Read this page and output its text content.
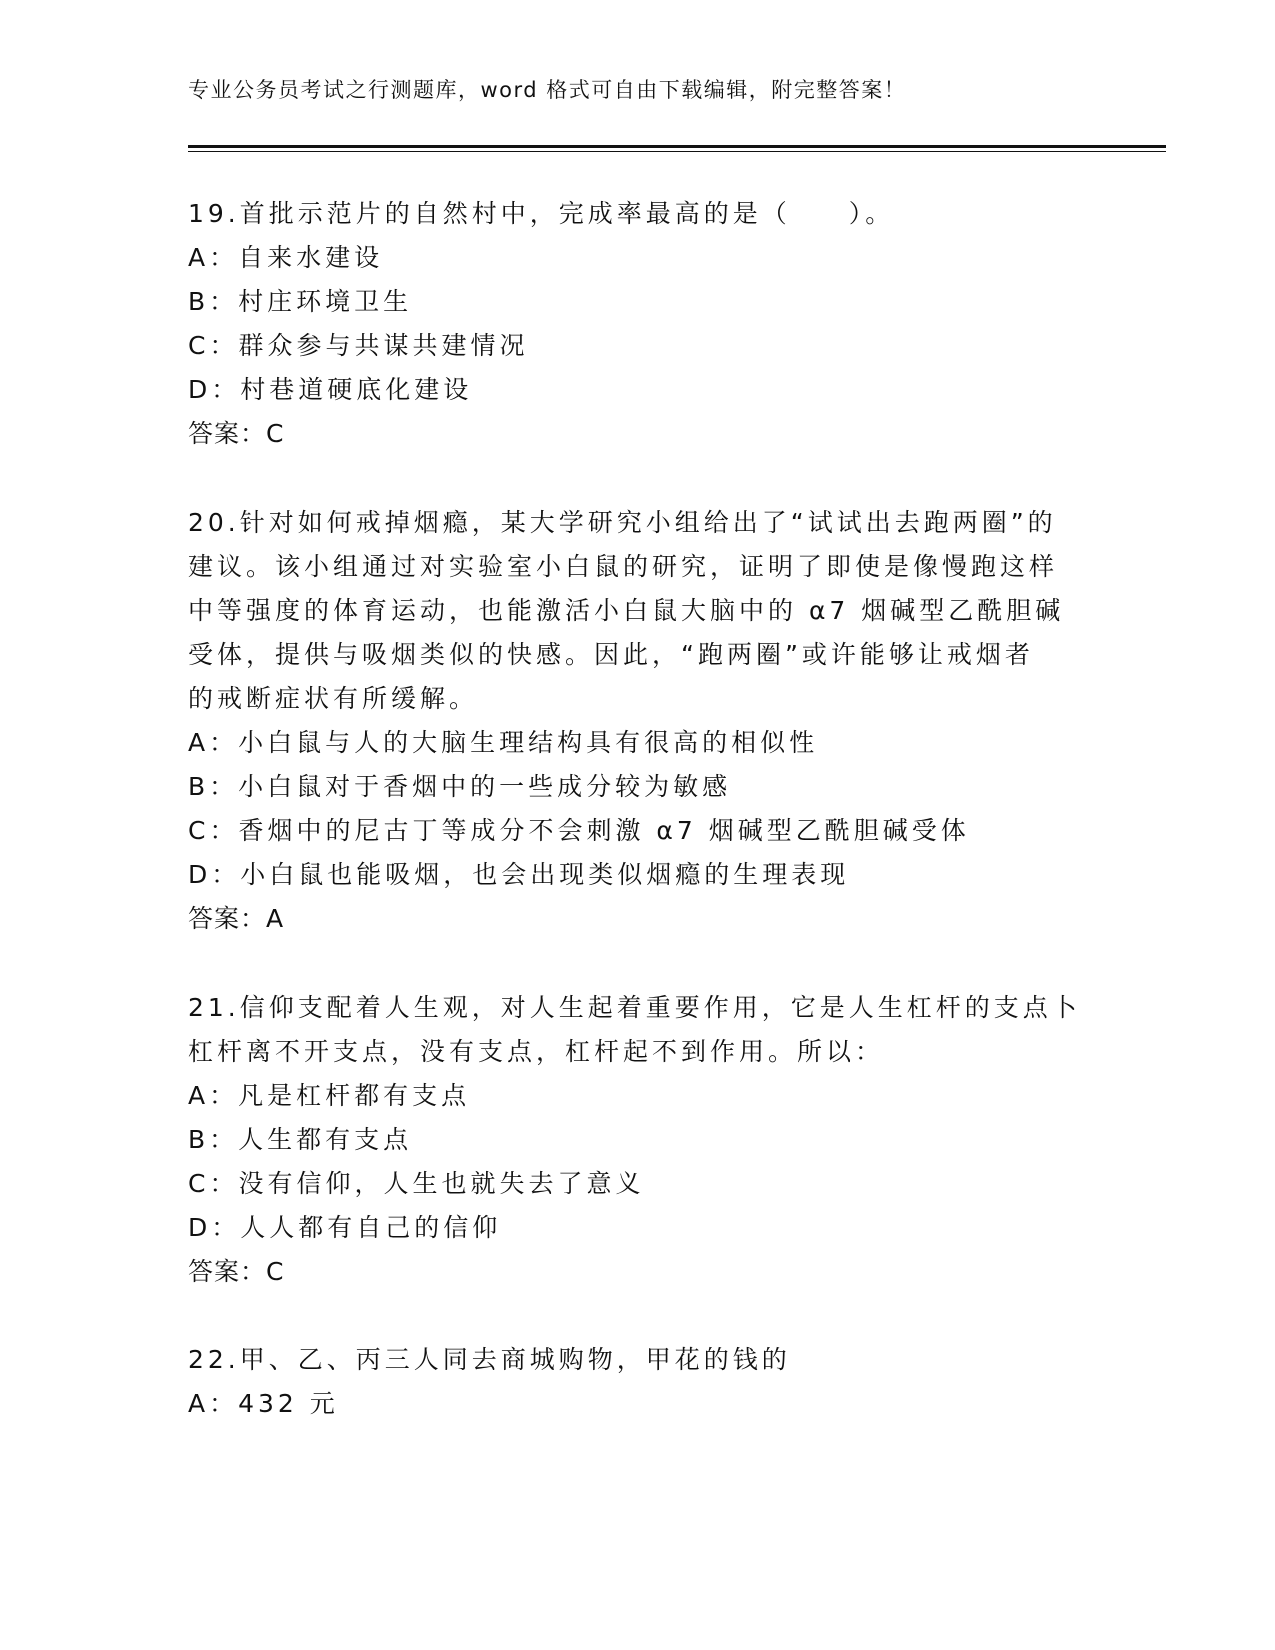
专业公务员考试之行测题库，word 格式可自由下载编辑，附完整答案！
19.首批示范片的自然村中，完成率最高的是（　　）。
A：自来水建设
B：村庄环境卫生
C：群众参与共谋共建情况
D：村巷道硬底化建设
答案：C
20.针对如何戒掉烟瘾，某大学研究小组给出了“试试出去跑两圈”的
建议。该小组通过对实验室小白鼠的研究，证明了即使是像慢跑这样
中等强度的体育运动，也能激活小白鼠大脑中的 α7 烟碱型乙酰胆碱
受体，提供与吸烟类似的快感。因此，“跑两圈”或许能够让戒烟者
的戒断症状有所缓解。
A：小白鼠与人的大脑生理结构具有很高的相似性
B：小白鼠对于香烟中的一些成分较为敏感
C：香烟中的尼古丁等成分不会刺激 α7 烟碱型乙酰胆碱受体
D：小白鼠也能吸烟，也会出现类似烟瘾的生理表现
答案：A
21.信仰支配着人生观，对人生起着重要作用，它是人生杠杆的支点卜
杠杆离不开支点，没有支点，杠杆起不到作用。所以：
A：凡是杠杆都有支点
B：人生都有支点
C：没有信仰，人生也就失去了意义
D：人人都有自己的信仰
答案：C
22.甲、乙、丙三人同去商城购物，甲花的钱的
A：432 元
